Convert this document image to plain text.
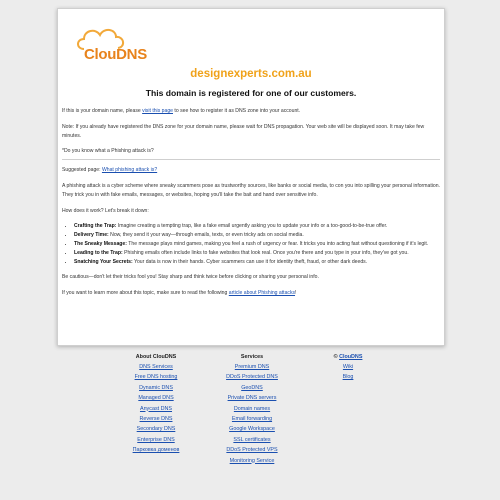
ClouDNS
designexperts.com.au
This domain is registered for one of our customers.

If this is your domain name, please visit this page to see how to register it as DNS zone into your account.

Note: If you already have registered the DNS zone for your domain name, please wait for DNS propagation. Your web site will be displayed soon. It may take few minutes.

*Do you know what a Phishing attack is?

Suggested page: What phishing attack is?

A phishing attack is a cyber scheme where sneaky scammers pose as trustworthy sources, like banks or social media, to con you into spilling your personal information. They trick you in with fake emails, messages, or websites, hoping you'll take the bait and hand over sensitive info.

How does it work? Let's break it down:

• Crafting the Trap: Imagine creating a tempting trap, like a fake email urgently asking you to update your info or a too-good-to-be-true offer.
• Delivery Time: Now, they send it your way—through emails, texts, or even tricky ads on social media.
• The Sneaky Message: The message plays mind games, making you feel a rush of urgency or fear. It tricks you into acting fast without questioning if it's legit.
• Leading to the Trap: Phishing emails often include links to fake websites that look real. Once you're there and you type in your info, they've got you.
• Snatching Your Secrets: Your data is now in their hands. Cyber scammers can use it for identity theft, fraud, or other dark deeds.

Be cautious—don't let their tricks fool you! Stay sharp and think twice before clicking or sharing your personal info.

If you want to learn more about this topic, make sure to read the following article about Phishing attacks!

About ClouDNS
DNS Services
Free DNS hosting
Dynamic DNS
Managed DNS
Anycast DNS
Reverse DNS
Secondary DNS
Enterprise DNS
Парковка доменов
Services
Premium DNS
DDoS Protected DNS
GeoDNS
Private DNS servers
Domain names
Email forwarding
Google Workspace
SSL certificates
DDoS Protected VPS
Monitoring Service
© ClouDNS
Wiki
Blog
